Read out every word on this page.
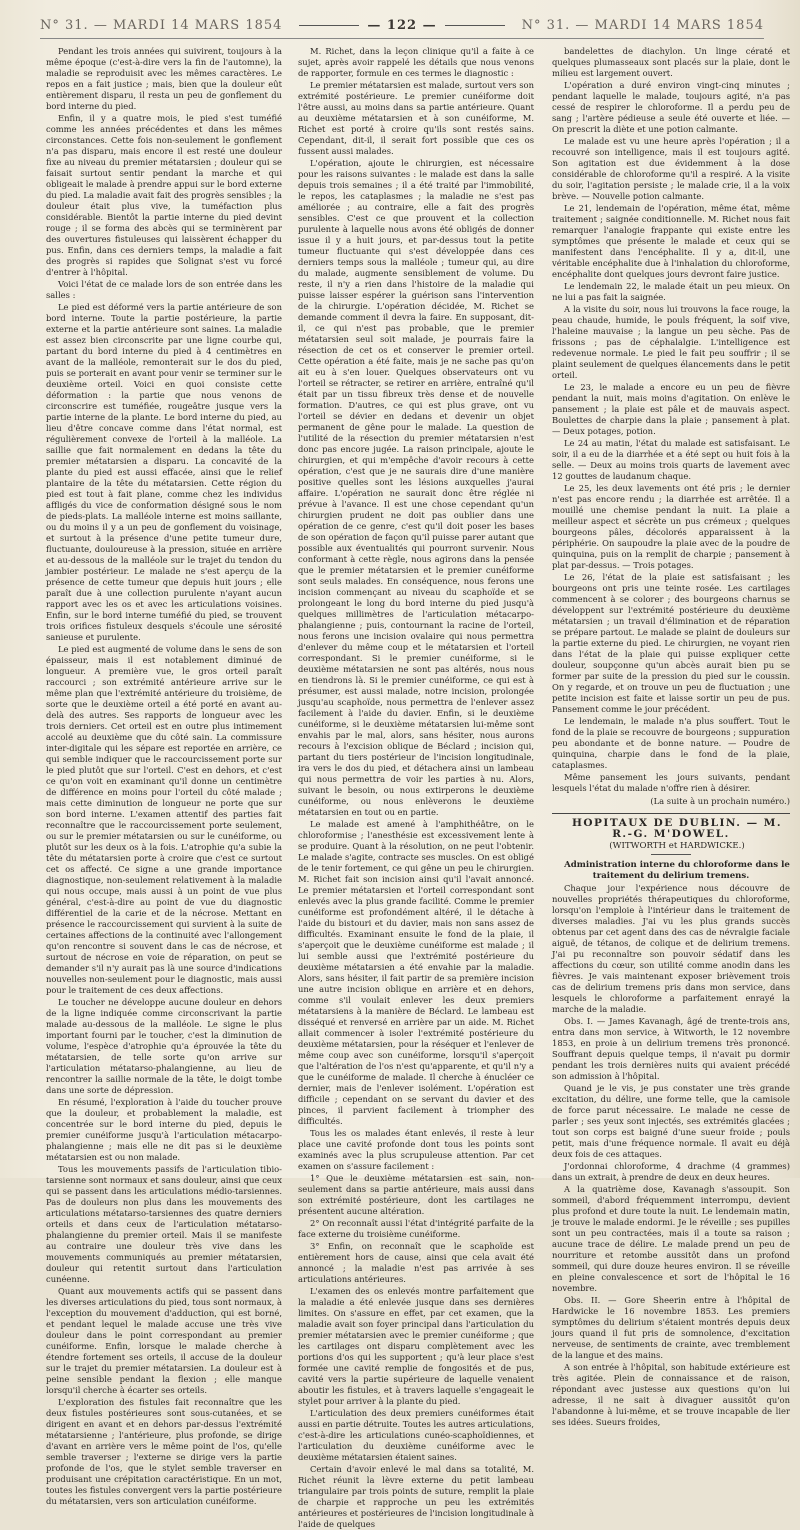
N° 31. — MARDI 14 MARS 1854	— 122 —	N° 31. — MARDI 14 MARS 1854

Pendant les trois années qui suivirent, toujours à la même époque (c'est-à-dire vers la fin de l'automne), la maladie se reproduisit avec les mêmes caractères. Le repos en a fait justice ; mais, bien que la douleur eût entièrement disparu, il resta un peu de gonflement du bord interne du pied.

Enfin, il y a quatre mois, le pied s'est tuméfié comme les années précédentes et dans les mêmes circonstances. Cette fois non-seulement le gonflement n'a pas disparu, mais encore il est resté une douleur fixe au niveau du premier métatarsien ; douleur qui se faisait surtout sentir pendant la marche et qui obligeait le malade à prendre appui sur le bord externe du pied. La maladie avait fait des progrès sensibles ; la douleur était plus vive, la tuméfaction plus considérable. Bientôt la partie interne du pied devint rouge ; il se forma des abcès qui se terminèrent par des ouvertures fistuleuses qui laissèrent échapper du pus. Enfin, dans ces derniers temps, la maladie a fait des progrès si rapides que Solignat s'est vu forcé d'entrer à l'hôpital.

Voici l'état de ce malade lors de son entrée dans les salles :

Le pied est déformé vers la partie antérieure de son bord interne. Toute la partie postérieure, la partie externe et la partie antérieure sont saines. La maladie est assez bien circonscrite par une ligne courbe qui, partant du bord interne du pied à 4 centimètres en avant de la malléole, remonterait sur le dos du pied, puis se porterait en avant pour venir se terminer sur le deuxième orteil. Voici en quoi consiste cette déformation : la partie que nous venons de circonscrire est tuméfiée, rougeâtre jusque vers la partie interne de la plante. Le bord interne du pied, au lieu d'être concave comme dans l'état normal, est régulièrement convexe de l'orteil à la malléole. La saillie que fait normalement en dedans la tête du premier métatarsien a disparu. La concavité de la plante du pied est aussi effacée, ainsi que le relief plantaire de la tête du métatarsien. Cette région du pied est tout à fait plane, comme chez les individus affligés du vice de conformation désigné sous le nom de pieds-plats. La malléole interne est moins saillante, ou du moins il y a un peu de gonflement du voisinage, et surtout à la présence d'une petite tumeur dure, fluctuante, douloureuse à la pression, située en arrière et au-dessous de la malléole sur le trajet du tendon du jambier postérieur. Le malade ne s'est aperçu de la présence de cette tumeur que depuis huit jours ; elle paraît due à une collection purulente n'ayant aucun rapport avec les os et avec les articulations voisines. Enfin, sur le bord interne tuméfié du pied, se trouvent trois orifices fistuleux desquels s'écoule une sérosité sanieuse et purulente.

Le pied est augmenté de volume dans le sens de son épaisseur, mais il est notablement diminué de longueur. A première vue, le gros orteil paraît raccourci ; son extrémité antérieure arrive sur le même plan que l'extrémité antérieure du troisième, de sorte que le deuxième orteil a été porté en avant au-delà des autres. Ses rapports de longueur avec les trois derniers. Cet orteil est en outre plus intimement accolé au deuxième que du côté sain. La commissure inter-digitale qui les sépare est reportée en arrière, ce qui semble indiquer que le raccourcissement porte sur le pied plutôt que sur l'orteil. C'est en dehors, et c'est ce qu'on voit en examinant qu'il donne un centimètre de différence en moins pour l'orteil du côté malade ; mais cette diminution de longueur ne porte que sur son bord interne. L'examen attentif des parties fait reconnaître que le raccourcissement porte seulement, ou sur le premier métatarsien ou sur le cunéiforme, ou plutôt sur les deux os à la fois. L'atrophie qu'a subie la tête du métatarsien porte à croire que c'est ce surtout cet os affecté. Ce signe a une grande importance diagnostique, non-seulement relativement à la maladie qui nous occupe, mais aussi à un point de vue plus général, c'est-à-dire au point de vue du diagnostic différentiel de la carie et de la nécrose. Mettant en présence le raccourcissement qui survient à la suite de certaines affections de la continuité avec l'allongement qu'on rencontre si souvent dans le cas de nécrose, et surtout de nécrose en voie de réparation, on peut se demander s'il n'y aurait pas là une source d'indications nouvelles non-seulement pour le diagnostic, mais aussi pour le traitement de ces deux affections.

Le toucher ne développe aucune douleur en dehors de la ligne indiquée comme circonscrivant la partie malade au-dessous de la malléole. Le signe le plus important fourni par le toucher, c'est la diminution de volume, l'espèce d'atrophie qu'a éprouvée la tête du métatarsien, de telle sorte qu'on arrive sur l'articulation métatarso-phalangienne, au lieu de rencontrer la saillie normale de la tête, le doigt tombe dans une sorte de dépression.

En résumé, l'exploration à l'aide du toucher prouve que la douleur, et probablement la maladie, est concentrée sur le bord interne du pied, depuis le premier cunéiforme jusqu'à l'articulation métacarpo-phalangienne ; mais elle ne dit pas si le deuxième métatarsien est ou non malade.

Tous les mouvements passifs de l'articulation tibio-tarsienne sont normaux et sans douleur, ainsi que ceux qui se passent dans les articulations médio-tarsiennes. Pas de douleurs non plus dans les mouvements des articulations métatarso-tarsiennes des quatre derniers orteils et dans ceux de l'articulation métatarso-phalangienne du premier orteil. Mais il se manifeste au contraire une douleur très vive dans les mouvements communiqués au premier métatarsien, douleur qui retentit surtout dans l'articulation cunéenne.

Quant aux mouvements actifs qui se passent dans les diverses articulations du pied, tous sont normaux, à l'exception du mouvement d'adduction, qui est borné, et pendant lequel le malade accuse une très vive douleur dans le point correspondant au premier cunéiforme. Enfin, lorsque le malade cherche à étendre fortement ses orteils, il accuse de la douleur sur le trajet du premier métatarsien. La douleur est à peine sensible pendant la flexion ; elle manque lorsqu'il cherche à écarter ses orteils.

L'exploration des fistules fait reconnaître que les deux fistules postérieures sont sous-cutanées, et se dirigent en avant et en dehors par-dessus l'extrémité métatarsienne ; l'antérieure, plus profonde, se dirige d'avant en arrière vers le même point de l'os, qu'elle semble traverser ; l'externe se dirige vers la partie profonde de l'os, que le stylet semble traverser en produisant une crépitation caractéristique. En un mot, toutes les fistules convergent vers la partie postérieure du métatarsien, vers son articulation cunéiforme.

M. Richet, dans la leçon clinique qu'il a faite à ce sujet, après avoir rappelé les détails que nous venons de rapporter, formule en ces termes le diagnostic :

Le premier métatarsien est malade, surtout vers son extrémité postérieure. Le premier cunéiforme doit l'être aussi, au moins dans sa partie antérieure. Quant au deuxième métatarsien et à son cunéiforme, M. Richet est porté à croire qu'ils sont restés sains. Cependant, dit-il, il serait fort possible que ces os fussent aussi malades.

L'opération, ajoute le chirurgien, est nécessaire pour les raisons suivantes : le malade est dans la salle depuis trois semaines ; il a été traité par l'immobilité, le repos, les cataplasmes ; la maladie ne s'est pas améliorée ; au contraire, elle a fait des progrès sensibles. C'est ce que prouvent et la collection purulente à laquelle nous avons été obligés de donner issue il y a huit jours, et par-dessus tout la petite tumeur fluctuante qui s'est développée dans ces derniers temps sous la malléole ; tumeur qui, au dire du malade, augmente sensiblement de volume. Du reste, il n'y a rien dans l'histoire de la maladie qui puisse laisser espérer la guérison sans l'intervention de la chirurgie. L'opération décidée, M. Richet se demande comment il devra la faire. En supposant, dit-il, ce qui n'est pas probable, que le premier métatarsien seul soit malade, je pourrais faire la résection de cet os et conserver le premier orteil. Cette opération a été faite, mais je ne sache pas qu'on ait eu à s'en louer. Quelques observateurs ont vu l'orteil se rétracter, se retirer en arrière, entraîné qu'il était par un tissu fibreux très dense et de nouvelle formation. D'autres, ce qui est plus grave, ont vu l'orteil se dévier en dedans et devenir un objet permanent de gêne pour le malade. La question de l'utilité de la résection du premier métatarsien n'est donc pas encore jugée. La raison principale, ajoute le chirurgien, et qui m'empêche d'avoir recours à cette opération, c'est que je ne saurais dire d'une manière positive quelles sont les lésions auxquelles j'aurai affaire. L'opération ne saurait donc être réglée ni prévue à l'avance. Il est une chose cependant qu'un chirurgien prudent ne doit pas oublier dans une opération de ce genre, c'est qu'il doit poser les bases de son opération de façon qu'il puisse parer autant que possible aux éventualités qui pourront survenir. Nous conformant à cette règle, nous agirons dans la pensée que le premier métatarsien et le premier cunéiforme sont seuls malades. En conséquence, nous ferons une incision commençant au niveau du scaphoïde et se prolongeant le long du bord interne du pied jusqu'à quelques millimètres de l'articulation métacarpo-phalangienne ; puis, contournant la racine de l'orteil, nous ferons une incision ovalaire qui nous permettra d'enlever du même coup et le métatarsien et l'orteil correspondant. Si le premier cunéiforme, si le deuxième métatarsien ne sont pas altérés, nous nous en tiendrons là. Si le premier cunéiforme, ce qui est à présumer, est aussi malade, notre incision, prolongée jusqu'au scaphoïde, nous permettra de l'enlever assez facilement à l'aide du davier. Enfin, si le deuxième cunéiforme, si le deuxième métatarsien lui-même sont envahis par le mal, alors, sans hésiter, nous aurons recours à l'excision oblique de Béclard ; incision qui, partant du tiers postérieur de l'incision longitudinale, ira vers le dos du pied, et détachera ainsi un lambeau qui nous permettra de voir les parties à nu. Alors, suivant le besoin, ou nous extirperons le deuxième cunéiforme, ou nous enlèverons le deuxième métatarsien en tout ou en partie.

Le malade est amené à l'amphithéâtre, on le chloroformise ; l'anesthésie est excessivement lente à se produire. Quant à la résolution, on ne peut l'obtenir. Le malade s'agite, contracte ses muscles. On est obligé de le tenir fortement, ce qui gêne un peu le chirurgien. M. Richet fait son incision ainsi qu'il l'avait annoncé. Le premier métatarsien et l'orteil correspondant sont enlevés avec la plus grande facilité. Comme le premier cunéiforme est profondément altéré, il le détache à l'aide du bistouri et du davier, mais non sans assez de difficultés. Examinant ensuite le fond de la plaie, il s'aperçoit que le deuxième cunéiforme est malade ; il lui semble aussi que l'extrémité postérieure du deuxième métatarsien a été envahie par la maladie. Alors, sans hésiter, il fait partir de sa première incision une autre incision oblique en arrière et en dehors, comme s'il voulait enlever les deux premiers métatarsiens à la manière de Béclard. Le lambeau est disséqué et renversé en arrière par un aide. M. Richet allait commencer à isoler l'extrémité postérieure du deuxième métatarsien, pour la réséquer et l'enlever de même coup avec son cunéiforme, lorsqu'il s'aperçoit que l'altération de l'os n'est qu'apparente, et qu'il n'y a que le cunéiforme de malade. Il cherche à énucléer ce dernier, mais de l'enlever isolément. L'opération est difficile ; cependant on se servant du davier et des pinces, il parvient facilement à triompher des difficultés.

Tous les os malades étant enlevés, il reste à leur place une cavité profonde dont tous les points sont examinés avec la plus scrupuleuse attention. Par cet examen on s'assure facilement :

1° Que le deuxième métatarsien est sain, non-seulement dans sa partie antérieure, mais aussi dans son extrémité postérieure, dont les cartilages ne présentent aucune altération.

2° On reconnaît aussi l'état d'intégrité parfaite de la face externe du troisième cunéiforme.

3° Enfin, on reconnaît que le scaphoïde est entièrement hors de cause, ainsi que cela avait été annoncé ; la maladie n'est pas arrivée à ses articulations antérieures.

L'examen des os enlevés montre parfaitement que la maladie a été enlevée jusque dans ses dernières limites. On s'assure en effet, par cet examen, que la maladie avait son foyer principal dans l'articulation du premier métatarsien avec le premier cunéiforme ; que les cartilages ont disparu complètement avec les portions d'os qui les supportent ; qu'à leur place s'est formée une cavité remplie de fongosités et de pus, cavité vers la partie supérieure de laquelle venaient aboutir les fistules, et à travers laquelle s'engageait le stylet pour arriver à la plante du pied.

L'articulation des deux premiers cunéiformes était aussi en partie détruite. Toutes les autres articulations, c'est-à-dire les articulations cunéo-scaphoïdiennes, et l'articulation du deuxième cunéiforme avec le deuxième métatarsien étaient saines.

Certain d'avoir enlevé le mal dans sa totalité, M. Richet réunit la lèvre externe du petit lambeau triangulaire par trois points de suture, remplit la plaie de charpie et rapproche un peu les extrémités antérieures et postérieures de l'incision longitudinale à l'aide de quelques

bandelettes de diachylon. Un linge cératé et quelques plumasseaux sont placés sur la plaie, dont le milieu est largement ouvert.

L'opération a duré environ vingt-cinq minutes ; pendant laquelle le malade, toujours agité, n'a pas cessé de respirer le chloroforme. Il a perdu peu de sang ; l'artère pédieuse a seule été ouverte et liée. — On prescrit la diète et une potion calmante.

Le malade est vu une heure après l'opération ; il a recouvré son intelligence, mais il est toujours agité. Son agitation est due évidemment à la dose considérable de chloroforme qu'il a respiré. A la visite du soir, l'agitation persiste ; le malade crie, il a la voix brève. — Nouvelle potion calmante.

Le 21, lendemain de l'opération, même état, même traitement ; saignée conditionnelle. M. Richet nous fait remarquer l'analogie frappante qui existe entre les symptômes que présente le malade et ceux qui se manifestent dans l'encéphalite. Il y a, dit-il, une véritable encéphalite due à l'inhalation du chloroforme, encéphalite dont quelques jours devront faire justice.

Le lendemain 22, le malade était un peu mieux. On ne lui a pas fait la saignée.

A la visite du soir, nous lui trouvons la face rouge, la peau chaude, humide, le pouls fréquent, la soif vive, l'haleine mauvaise ; la langue un peu sèche. Pas de frissons ; pas de céphalalgie. L'intelligence est redevenue normale. Le pied le fait peu souffrir ; il se plaint seulement de quelques élancements dans le petit orteil.

Le 23, le malade a encore eu un peu de fièvre pendant la nuit, mais moins d'agitation. On enlève le pansement ; la plaie est pâle et de mauvais aspect. Boulettes de charpie dans la plaie ; pansement à plat. — Deux potages, potion.

Le 24 au matin, l'état du malade est satisfaisant. Le soir, il a eu de la diarrhée et a été sept ou huit fois à la selle. — Deux au moins trois quarts de lavement avec 12 gouttes de laudanum chaque.

Le 25, les deux lavements ont été pris ; le dernier n'est pas encore rendu ; la diarrhée est arrêtée. Il a mouillé une chemise pendant la nuit. La plaie a meilleur aspect et sécrète un pus crémeux ; quelques bourgeons pâles, décolorés apparaissent à la périphérie. On saupoudre la plaie avec de la poudre de quinquina, puis on la remplit de charpie ; pansement à plat par-dessus. — Trois potages.

Le 26, l'état de la plaie est satisfaisant ; les bourgeons ont pris une teinte rosée. Les cartilages commencent à se colorer ; des bourgeons charnus se développent sur l'extrémité postérieure du deuxième métatarsien ; un travail d'élimination et de réparation se prépare partout. Le malade se plaint de douleurs sur la partie externe du pied. Le chirurgien, ne voyant rien dans l'état de la plaie qui puisse expliquer cette douleur, soupçonne qu'un abcès aurait bien pu se former par suite de la pression du pied sur le coussin. On y regarde, et on trouve un peu de fluctuation ; une petite incision est faite et laisse sortir un peu de pus. Pansement comme le jour précédent.

Le lendemain, le malade n'a plus souffert. Tout le fond de la plaie se recouvre de bourgeons ; suppuration peu abondante et de bonne nature. — Poudre de quinquina, charpie dans le fond de la plaie, cataplasmes.

Même pansement les jours suivants, pendant lesquels l'état du malade n'offre rien à désirer.

(La suite à un prochain numéro.)

HOPITAUX DE DUBLIN. — M. R.-G. M'DOWEL.

(WITWORTH et HARDWICKE.)

Administration interne du chloroforme dans le traitement du delirium tremens.

Chaque jour l'expérience nous découvre de nouvelles propriétés thérapeutiques du chloroforme, lorsqu'on l'emploie à l'intérieur dans le traitement de diverses maladies. J'ai vu les plus grands succès obtenus par cet agent dans des cas de névralgie faciale aiguë, de tétanos, de colique et de delirium tremens. J'ai pu reconnaître son pouvoir sédatif dans les affections du cœur, son utilité comme anodin dans les fièvres. Je vais maintenant exposer brièvement trois cas de delirium tremens pris dans mon service, dans lesquels le chloroforme a parfaitement enrayé la marche de la maladie.

Obs. I. — James Kavanagh, âgé de trente-trois ans, entra dans mon service, à Witworth, le 12 novembre 1853, en proie à un delirium tremens très prononcé. Souffrant depuis quelque temps, il n'avait pu dormir pendant les trois dernières nuits qui avaient précédé son admission à l'hôpital.

Quand je le vis, je pus constater une très grande excitation, du délire, une forme telle, que la camisole de force parut nécessaire. Le malade ne cesse de parler ; ses yeux sont injectés, ses extrémités glacées ; tout son corps est baigné d'une sueur froide ; pouls petit, mais d'une fréquence normale. Il avait eu déjà deux fois de ces attaques.

J'ordonnai chloroforme, 4 drachme (4 grammes) dans un extrait, à prendre de deux en deux heures.

A la quatrième dose, Kavanagh s'assoupit. Son sommeil, d'abord fréquemment interrompu, devient plus profond et dure toute la nuit. Le lendemain matin, je trouve le malade endormi. Je le réveille ; ses pupilles sont un peu contractées, mais il a toute sa raison ; aucune trace de délire. Le malade prend un peu de nourriture et retombe aussitôt dans un profond sommeil, qui dure douze heures environ. Il se réveille en pleine convalescence et sort de l'hôpital le 16 novembre.

Obs. II. — Gore Sheerin entre à l'hôpital de Hardwicke le 16 novembre 1853. Les premiers symptômes du delirium s'étaient montrés depuis deux jours quand il fut pris de somnolence, d'excitation nerveuse, de sentiments de crainte, avec tremblement de la langue et des mains.

A son entrée à l'hôpital, son habitude extérieure est très agitée. Plein de connaissance et de raison, répondant avec justesse aux questions qu'on lui adresse, il ne sait à divaguer aussitôt qu'on l'abandonne à lui-même, et se trouve incapable de lier ses idées. Sueurs froides,
